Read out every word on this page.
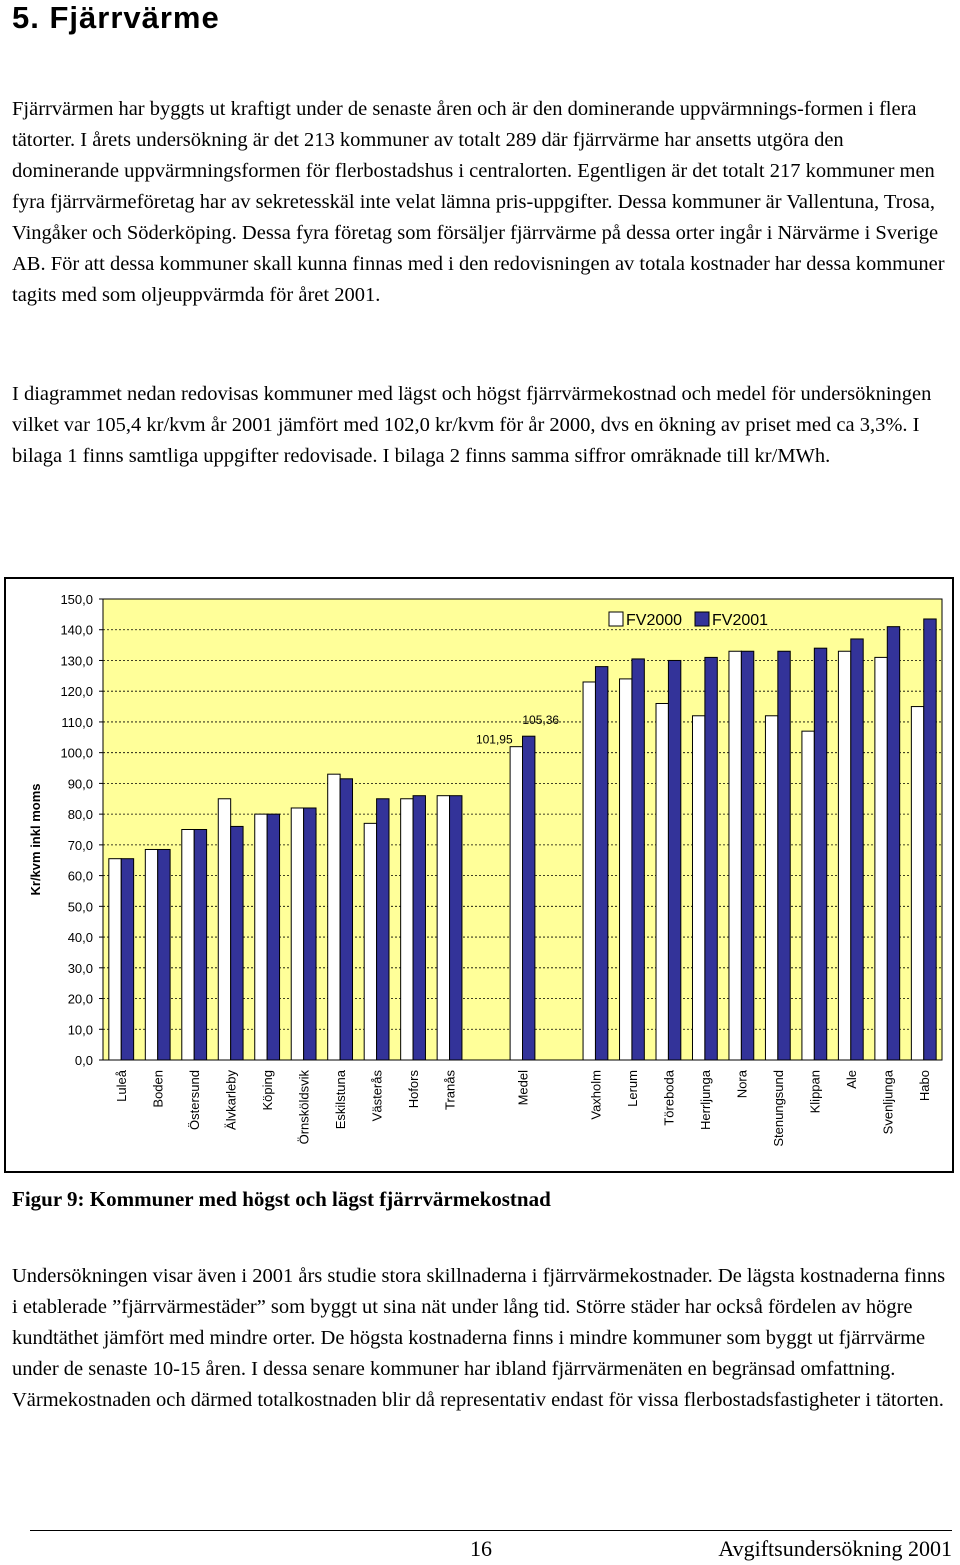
5. Fjärrvärme

Fjärrvärmen har byggts ut kraftigt under de senaste åren och är den dominerande uppvärmnings-formen i flera tätorter. I årets undersökning är det 213 kommuner av totalt 289 där fjärrvärme har ansetts utgöra den dominerande uppvärmningsformen för flerbostadshus i centralorten. Egentligen är det totalt 217 kommuner men fyra fjärrvärmeföretag har av sekretesskäl inte velat lämna pris-uppgifter. Dessa kommuner är Vallentuna, Trosa, Vingåker och Söderköping. Dessa fyra företag som försäljer fjärrvärme på dessa orter ingår i Närvärme i Sverige AB. För att dessa kommuner skall kunna finnas med i den redovisningen av totala kostnader har dessa kommuner tagits med som oljeuppvärmda för året 2001.

I diagrammet nedan redovisas kommuner med lägst och högst fjärrvärmekostnad och medel för undersökningen vilket var 105,4 kr/kvm år 2001 jämfört med 102,0 kr/kvm för år 2000, dvs en ökning av priset med ca 3,3%. I bilaga 1 finns samtliga uppgifter redovisade. I bilaga 2 finns samma siffror omräknade till kr/MWh.

0,0
10,0
20,0
30,0
40,0
50,0
60,0
70,0
80,0
90,0
100,0
110,0
120,0
130,0
140,0
150,0
Kr/kvm inkl moms
Luleå Boden Östersund Älvkarleby Köping Örnsköldsvik Eskilstuna Västerås Hofors Tranås	Medel	Vaxholm Lerum Töreboda Herrljunga Nora Stenungsund Klippan Ale Svenljunga Habo
101,95
105,36
FV2000 FV2001

Figur 9: Kommuner med högst och lägst fjärrvärmekostnad

Undersökningen visar även i 2001 års studie stora skillnaderna i fjärrvärmekostnader. De lägsta kostnaderna finns i etablerade ”fjärrvärmestäder” som byggt ut sina nät under lång tid. Större städer har också fördelen av högre kundtäthet jämfört med mindre orter. De högsta kostnaderna finns i mindre kommuner som byggt ut fjärrvärme under de senaste 10-15 åren. I dessa senare kommuner har ibland fjärrvärmenäten en begränsad omfattning. Värmekostnaden och därmed totalkostnaden blir då representativ endast för vissa flerbostadsfastigheter i tätorten.

16	Avgiftsundersökning 2001
